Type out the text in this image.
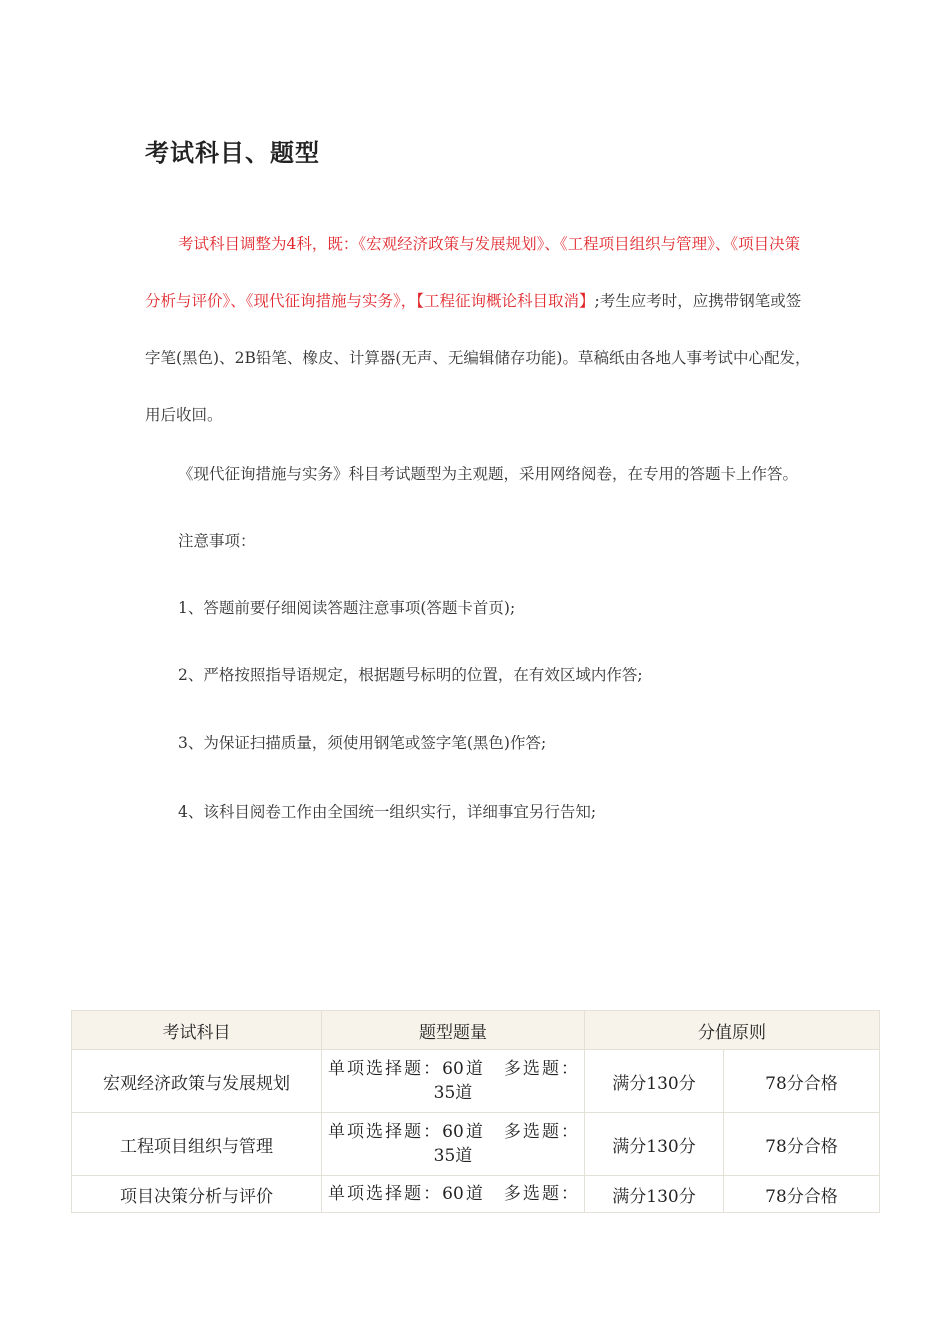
考试科目、题型
考试科目调整为4科，既：《宏观经济政策与发展规划》、《工程项目组织与管理》、《项目决策分析与评价》、《现代征询措施与实务》，【工程征询概论科目取消】;考生应考时，应携带钢笔或签字笔(黑色)、2B铅笔、橡皮、计算器(无声、无编辑储存功能)。草稿纸由各地人事考试中心配发，用后收回。
《现代征询措施与实务》科目考试题型为主观题，采用网络阅卷，在专用的答题卡上作答。
注意事项：
1、答题前要仔细阅读答题注意事项(答题卡首页);
2、严格按照指导语规定，根据题号标明的位置，在有效区域内作答;
3、为保证扫描质量，须使用钢笔或签字笔(黑色)作答;
4、该科目阅卷工作由全国统一组织实行，详细事宜另行告知;
考试科目	题型题量	分值原则	
宏观经济政策与发展规划	单项选择题：60道　多选题：
35道	满分130分	78分合格
工程项目组织与管理	单项选择题：60道　多选题：
35道	满分130分	78分合格
项目决策分析与评价	单项选择题：60道　多选题：	满分130分	78分合格
